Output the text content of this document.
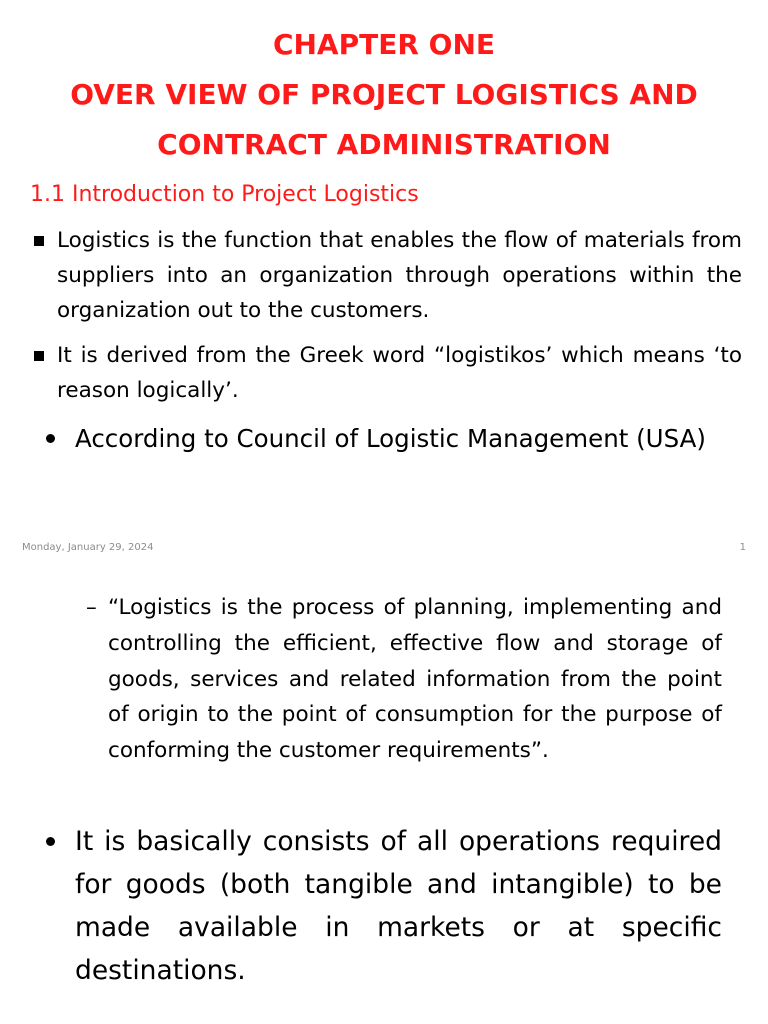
CHAPTER ONE
OVER VIEW OF PROJECT LOGISTICS AND
CONTRACT ADMINISTRATION
1.1 Introduction to Project Logistics
Logistics is the function that enables the flow of materials from suppliers into an organization through operations within the organization out to the customers.
It is derived from the Greek word “logistikos’ which means ‘to reason logically’.
According to Council of Logistic Management (USA)
Monday, January 29, 2024	1
– “Logistics is the process of planning, implementing and controlling the efficient, effective flow and storage of goods, services and related information from the point of origin to the point of consumption for the purpose of conforming the customer requirements”.
It is basically consists of all operations required for goods (both tangible and intangible) to be made available in markets or at specific destinations.
